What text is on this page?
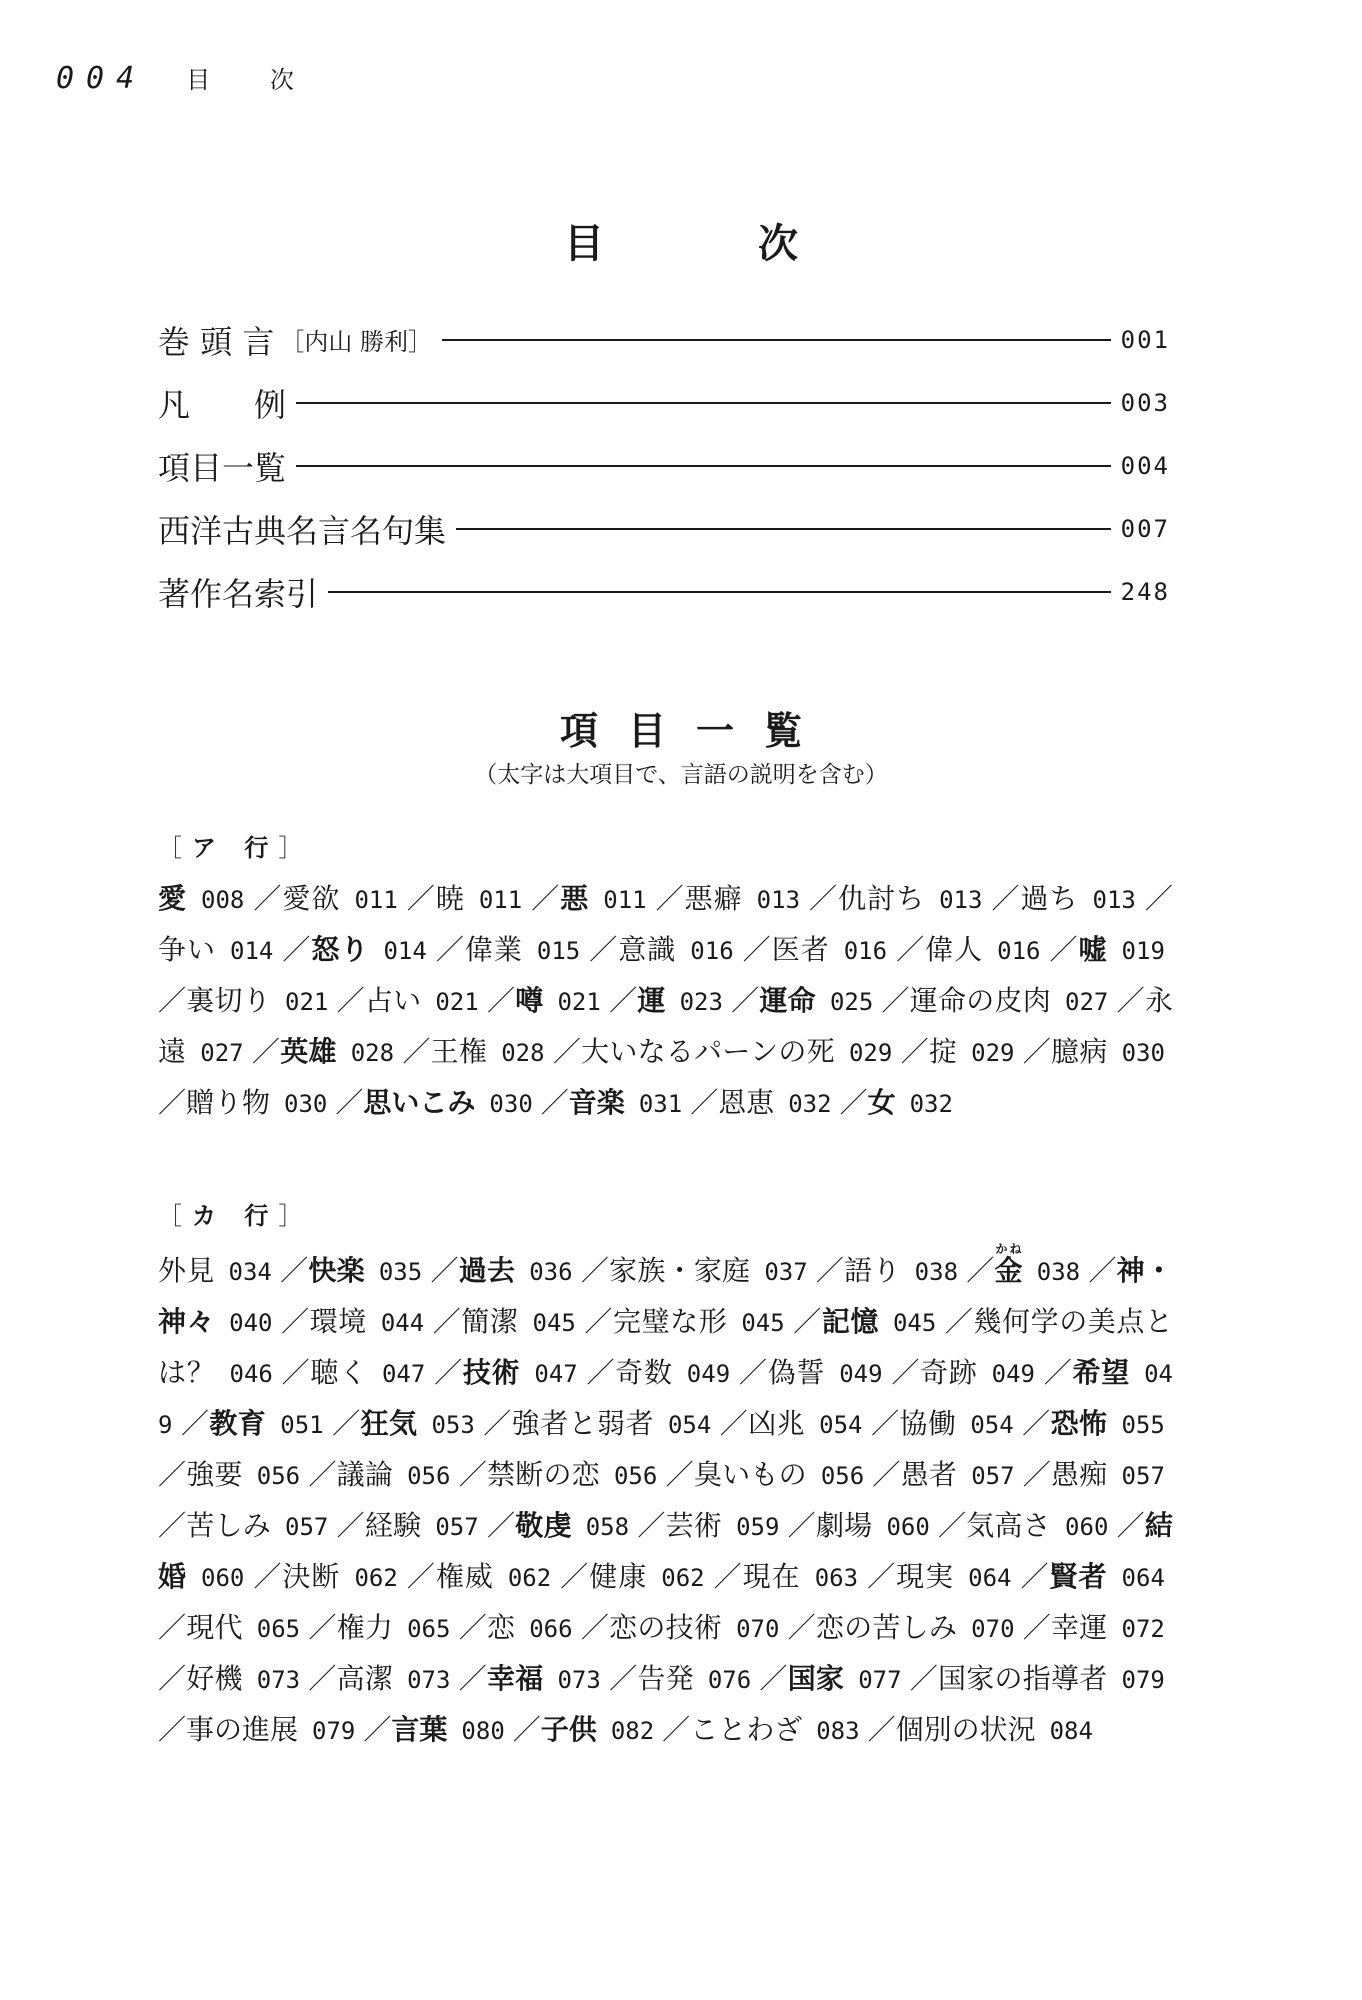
004 目 次
目 次
巻 頭 言 ［内山 勝利］	001
凡　　例	003
項目一覧	004
西洋古典名言名句集	007
著作名索引	248
項目一覧
（太字は大項目で、言語の説明を含む）
［ア 行］
愛 008 ／愛欲 011 ／暁 011 ／悪 011 ／悪癖 013 ／仇討ち 013 ／過ち 013 ／争い 014 ／怒り 014 ／偉業 015 ／意識 016 ／医者 016 ／偉人 016 ／嘘 019／裏切り 021 ／占い 021 ／噂 021 ／運 023 ／運命 025 ／運命の皮肉 027 ／永遠 027 ／英雄 028 ／王権 028 ／大いなるパーンの死 029 ／掟 029 ／臆病 030／贈り物 030 ／思いこみ 030 ／音楽 031 ／恩恵 032 ／女 032
［カ 行］
外見 034 ／快楽 035 ／過去 036 ／家族・家庭 037 ／語り 038 ／金かね038 ／神・神々 040 ／環境 044 ／簡潔 045 ／完璧な形 045 ／記憶 045 ／幾何学の美点とは？ 046 ／聴く 047 ／技術 047 ／奇数 049 ／偽誓 049 ／奇跡 049 ／希望 049 ／教育 051 ／狂気 053 ／強者と弱者 054 ／凶兆 054 ／協働 054 ／恐怖 055／強要 056 ／議論 056 ／禁断の恋 056 ／臭いもの 056 ／愚者 057 ／愚痴 057／苦しみ 057 ／経験 057 ／敬虔 058 ／芸術 059 ／劇場 060 ／気高さ 060 ／結婚 060 ／決断 062 ／権威 062 ／健康 062 ／現在 063 ／現実 064 ／賢者 064／現代 065 ／権力 065 ／恋 066 ／恋の技術 070 ／恋の苦しみ 070 ／幸運 072／好機 073 ／高潔 073 ／幸福 073 ／告発 076 ／国家 077 ／国家の指導者 079／事の進展 079 ／言葉 080 ／子供 082 ／ことわざ 083 ／個別の状況 084
